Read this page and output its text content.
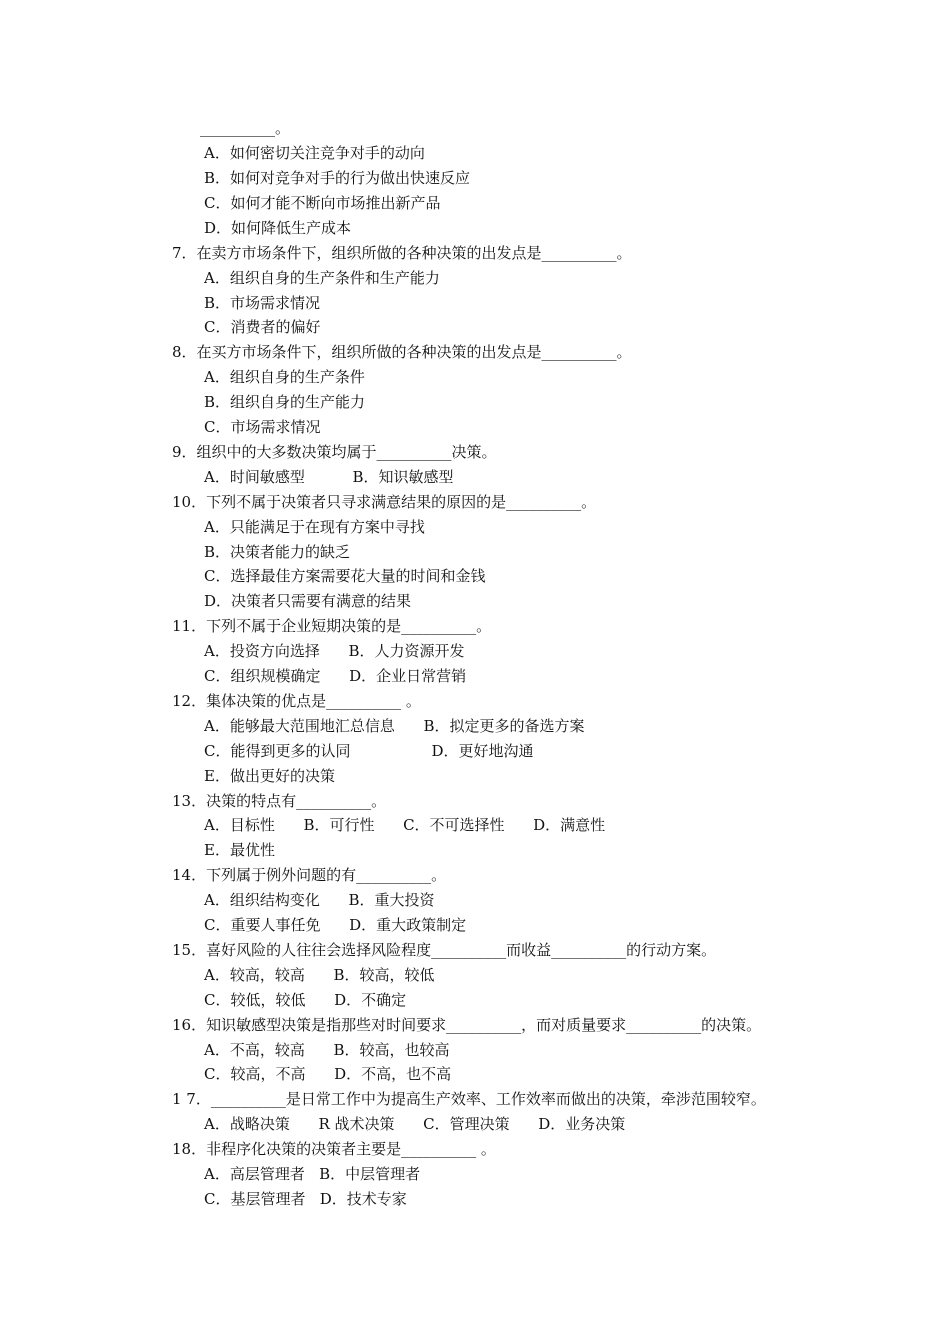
__________。
A．如何密切关注竞争对手的动向
B．如何对竞争对手的行为做出快速反应
C．如何才能不断向市场推出新产品
D．如何降低生产成本
7．在卖方市场条件下，组织所做的各种决策的出发点是__________。
A．组织自身的生产条件和生产能力
B．市场需求情况
C．消费者的偏好
8．在买方市场条件下，组织所做的各种决策的出发点是__________。
A．组织自身的生产条件
B．组织自身的生产能力
C．市场需求情况
9．组织中的大多数决策均属于__________决策。
A．时间敏感型          B．知识敏感型
10．下列不属于决策者只寻求满意结果的原因的是__________。
A．只能满足于在现有方案中寻找
B．决策者能力的缺乏
C．选择最佳方案需要花大量的时间和金钱
D．决策者只需要有满意的结果
11．下列不属于企业短期决策的是__________。
A．投资方向选择      B．人力资源开发
C．组织规模确定      D．企业日常营销
12．集体决策的优点是__________ 。
A．能够最大范围地汇总信息      B．拟定更多的备选方案
C．能得到更多的认同                 D．更好地沟通
E．做出更好的决策
13．决策的特点有__________。
A．目标性      B．可行性      C．不可选择性      D．满意性
E．最优性
14．下列属于例外问题的有__________。
A．组织结构变化      B．重大投资
C．重要人事任免      D．重大政策制定
15．喜好风险的人往往会选择风险程度__________而收益__________的行动方案。
A．较高，较高      B．较高，较低
C．较低，较低      D．不确定
16．知识敏感型决策是指那些对时间要求__________，而对质量要求__________的决策。
A．不高，较高      B．较高，也较高
C．较高，不高      D．不高，也不高
1 7．__________是日常工作中为提高生产效率、工作效率而做出的决策，牵涉范围较窄。
A．战略决策      R 战术决策      C．管理决策      D．业务决策
18．非程序化决策的决策者主要是__________ 。
A．高层管理者   B．中层管理者
C．基层管理者   D．技术专家
